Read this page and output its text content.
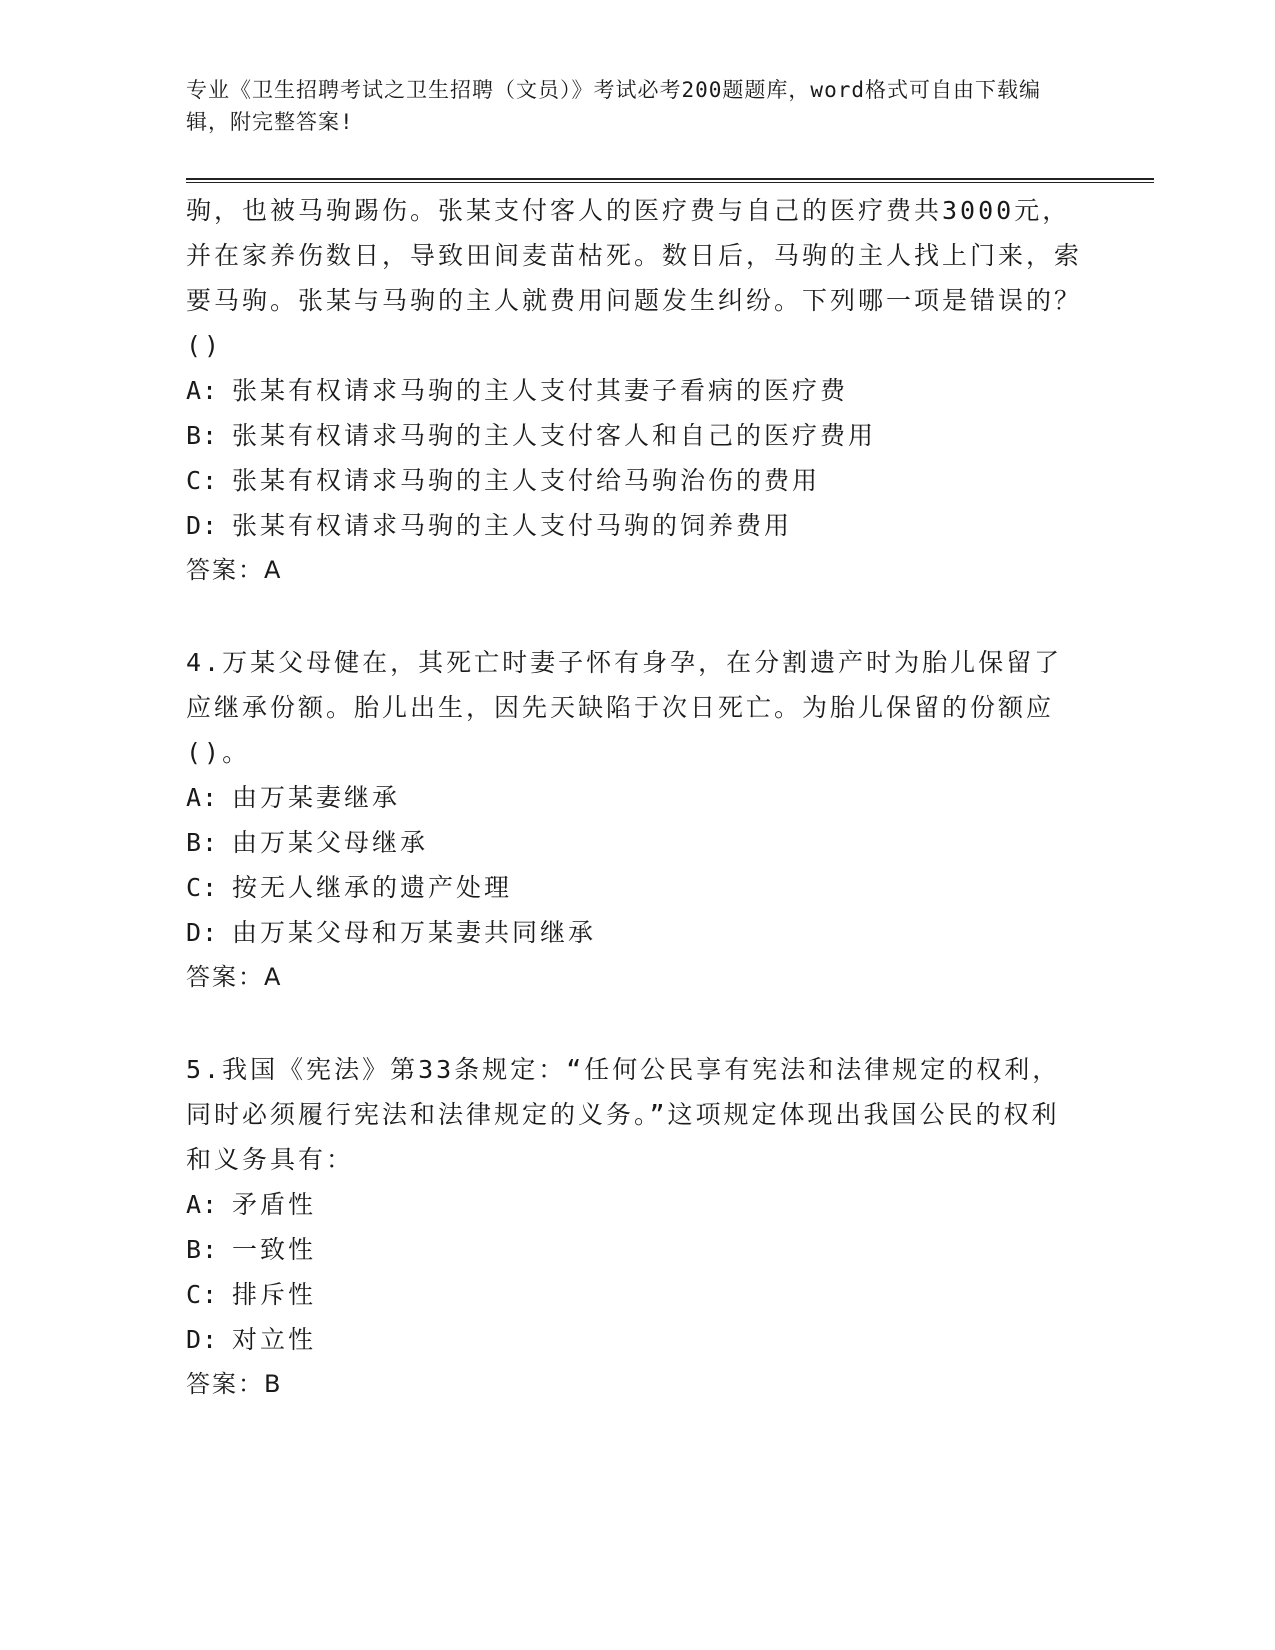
专业《卫生招聘考试之卫生招聘（文员）》考试必考200题题库，word格式可自由下载编辑，附完整答案!

驹，也被马驹踢伤。张某支付客人的医疗费与自己的医疗费共3000元，并在家养伤数日，导致田间麦苗枯死。数日后，马驹的主人找上门来，索要马驹。张某与马驹的主人就费用问题发生纠纷。下列哪一项是错误的？()

A: 张某有权请求马驹的主人支付其妻子看病的医疗费
B: 张某有权请求马驹的主人支付客人和自己的医疗费用
C: 张某有权请求马驹的主人支付给马驹治伤的费用
D: 张某有权请求马驹的主人支付马驹的饲养费用
答案：A

4.万某父母健在，其死亡时妻子怀有身孕，在分割遗产时为胎儿保留了应继承份额。胎儿出生，因先天缺陷于次日死亡。为胎儿保留的份额应()。

A: 由万某妻继承
B: 由万某父母继承
C: 按无人继承的遗产处理
D: 由万某父母和万某妻共同继承
答案：A

5.我国《宪法》第33条规定：“任何公民享有宪法和法律规定的权利，同时必须履行宪法和法律规定的义务。”这项规定体现出我国公民的权利和义务具有：

A: 矛盾性
B: 一致性
C: 排斥性
D: 对立性
答案：B
